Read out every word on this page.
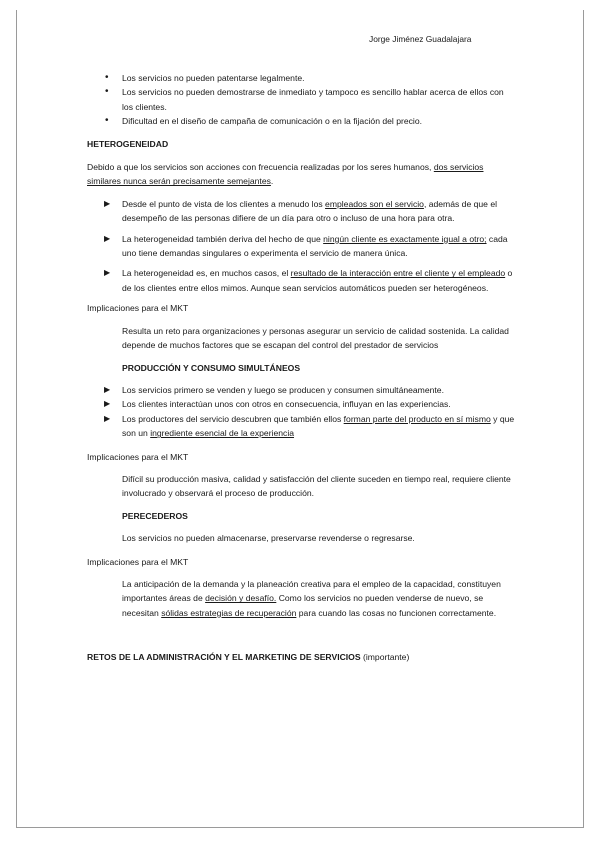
Jorge Jiménez Guadalajara
• Los servicios no pueden patentarse legalmente.
• Los servicios no pueden demostrarse de inmediato y tampoco es sencillo hablar acerca de ellos con los clientes.
• Dificultad en el diseño de campaña de comunicación o en la fijación del precio.

HETEROGENEIDAD

Debido a que los servicios son acciones con frecuencia realizadas por los seres humanos, dos servicios similares nunca serán precisamente semejantes.

▶ Desde el punto de vista de los clientes a menudo los empleados son el servicio, además de que el desempeño de las personas difiere de un día para otro o incluso de una hora para otra.
▶ La heterogeneidad también deriva del hecho de que ningún cliente es exactamente igual a otro; cada uno tiene demandas singulares o experimenta el servicio de manera única.
▶ La heterogeneidad es, en muchos casos, el resultado de la interacción entre el cliente y el empleado o de los clientes entre ellos mimos. Aunque sean servicios automáticos pueden ser heterogéneos.

Implicaciones para el MKT

Resulta un reto para organizaciones y personas asegurar un servicio de calidad sostenida. La calidad depende de muchos factores que se escapan del control del prestador de servicios

PRODUCCIÓN Y CONSUMO SIMULTÁNEOS

▶ Los servicios primero se venden y luego se producen y consumen simultáneamente.
▶ Los clientes interactúan unos con otros en consecuencia, influyan en las experiencias.
▶ Los productores del servicio descubren que también ellos forman parte del producto en sí mismo y que son un ingrediente esencial de la experiencia

Implicaciones para el MKT

Difícil su producción masiva, calidad y satisfacción del cliente suceden en tiempo real, requiere cliente involucrado y observará el proceso de producción.

PERECEDEROS

Los servicios no pueden almacenarse, preservarse revenderse o regresarse.

Implicaciones para el MKT

La anticipación de la demanda y la planeación creativa para el empleo de la capacidad, constituyen importantes áreas de decisión y desafío. Como los servicios no pueden venderse de nuevo, se necesitan sólidas estrategias de recuperación para cuando las cosas no funcionen correctamente.

RETOS DE LA ADMINISTRACIÓN Y EL MARKETING DE SERVICIOS (importante)
